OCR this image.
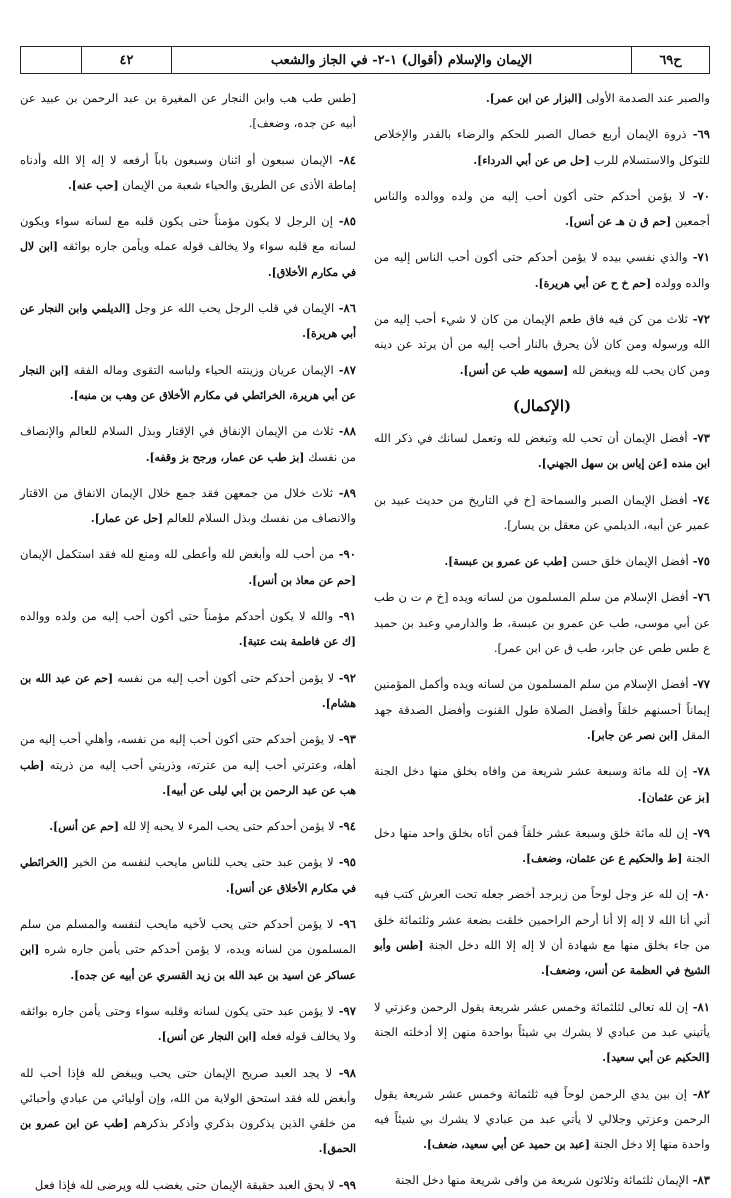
ح٦٩
الإيمان والإسلام (أقوال) ١-٢- في الجاز والشعب
٤٢

والصبر عند الصدمة الأولى [البزار عن ابن عمر].

٦٩- ذروة الإيمان أربع خصال الصبر للحكم والرضاء بالقدر والإخلاص للتوكل والاستسلام للرب [حل ص عن أبي الدرداء].

٧٠- لا يؤمن أحدكم حتى أكون أحب إليه من ولده ووالده والناس أجمعين [حم ق ن هـ عن أنس].

٧١- والذي نفسي بيده لا يؤمن أحدكم حتى أكون أحب الناس إليه من والده وولده [حم خ ح عن أبي هريرة].

٧٢- ثلاث من كن فيه فاق طعم الإيمان من كان لا شيء أحب إليه من الله ورسوله ومن كان لأن يحرق بالنار أحب إليه من أن يرتد عن دينه ومن كان يحب لله ويبغض لله [سمويه طب عن أنس].

(الإكمال)

٧٣- أفضل الإيمان أن تحب لله وتبغض لله وتعمل لسانك في ذكر الله ابن منده [عن إياس بن سهل الجهني].

٧٤- أفضل الإيمان الصبر والسماحة [خ في التاريخ من حديث عبيد بن عمير عن أبيه، الديلمي عن معقل بن يسار].

٧٥- أفضل الإيمان خلق حسن [طب عن عمرو بن عبسة].

٧٦- أفضل الإسلام من سلم المسلمون من لسانه ويده [خ م ت ن طب عن أبي موسى، طب عن عمرو بن عبسة، ط والدارمي وعبد بن حميد ع طس طص عن جابر، طب ق عن ابن عمر].

٧٧- أفضل الإسلام من سلم المسلمون من لسانه ويده وأكمل المؤمنين إيماناً أحسنهم خلقاً وأفضل الصلاة طول القنوت وأفضل الصدقة جهد المقل [ابن نصر عن جابر].

٧٨- إن لله مائة وسبعة عشر شريعة من وافاه بخلق منها دخل الجنة [بز عن عثمان].

٧٩- إن لله مائة خلق وسبعة عشر خلقاً فمن أتاه بخلق واحد منها دخل الجنة [ط والحكيم ع عن عثمان، وضعف].

٨٠- إن لله عز وجل لوحاً من زبرجد أخضر جعله تحت العرش كتب فيه أني أنا الله لا إله إلا أنا أرحم الراحمين خلقت بضعة عشر وثلثمائة خلق من جاء بخلق منها مع شهادة أن لا إله إلا الله دخل الجنة [طس وأبو الشيخ في العظمة عن أنس، وضعف].

٨١- إن لله تعالى لثلثمائة وخمس عشر شريعة يقول الرحمن وعزتي لا يأتيني عبد من عبادي لا يشرك بي شيئاً بواحدة منهن إلا أدخلته الجنة [الحكيم عن أبي سعيد].

٨٢- إن بين يدي الرحمن لوحاً فيه ثلثمائة وخمس عشر شريعة يقول الرحمن وعزتي وجلالي لا يأتي عبد من عبادي لا يشرك بي شيئاً فيه واحدة منها إلا دخل الجنة [عبد بن حميد عن أبي سعيد، ضعف].

٨٣- الإيمان ثلثمائة وثلاثون شريعة من وافى شريعة منها دخل الجنة

[طس طب هب وابن النجار عن المغيرة بن عبد الرحمن بن عبيد عن أبيه عن جده، وضعف].

٨٤- الإيمان سبعون أو اثنان وسبعون باباً أرفعه لا إله إلا الله وأدناه إماطة الأذى عن الطريق والحياء شعبة من الإيمان [حب عنه].

٨٥- إن الرجل لا يكون مؤمناً حتى يكون قلبه مع لسانه سواء ويكون لسانه مع قلبه سواء ولا يخالف قوله عمله ويأمن جاره بوائقه [ابن لال في مكارم الأخلاق].

٨٦- الإيمان في قلب الرجل يحب الله عز وجل [الديلمي وابن النجار عن أبي هريرة].

٨٧- الإيمان عريان وزينته الحياء ولباسه التقوى وماله الفقه [ابن النجار عن أبي هريرة، الخرائطي في مكارم الأخلاق عن وهب بن منبه].

٨٨- ثلاث من الإيمان الإنفاق في الإقتار وبذل السلام للعالم والإنصاف من نفسك [بز طب عن عمار، ورجح بز وقفه].

٨٩- ثلاث خلال من جمعهن فقد جمع خلال الإيمان الانفاق من الاقتار والانصاف من نفسك وبذل السلام للعالم [حل عن عمار].

٩٠- من أحب لله وأبغض لله وأعطى لله ومنع لله فقد استكمل الإيمان [حم عن معاذ بن أنس].

٩١- والله لا يكون أحدكم مؤمناً حتى أكون أحب إليه من ولده ووالده [ك عن فاطمة بنت عتبة].

٩٢- لا يؤمن أحدكم حتى أكون أحب إليه من نفسه [حم عن عبد الله بن هشام].

٩٣- لا يؤمن أحدكم حتى أكون أحب إليه من نفسه، وأهلي أحب إليه من أهله، وعترتي أحب إليه من عترته، وذريتي أحب إليه من ذريته [طب هب عن عبد الرحمن بن أبي ليلى عن أبيه].

٩٤- لا يؤمن أحدكم حتى يحب المرء لا يحبه إلا لله [حم عن أنس].

٩٥- لا يؤمن عبد حتى يحب للناس مايحب لنفسه من الخير [الخرائطي في مكارم الأخلاق عن أنس].

٩٦- لا يؤمن أحدكم حتى يحب لأخيه مايحب لنفسه والمسلم من سلم المسلمون من لسانه ويده، لا يؤمن أحدكم حتى يأمن جاره شره [ابن عساكر عن اسيد بن عبد الله بن زيد القسري عن أبيه عن جده].

٩٧- لا يؤمن عبد حتى يكون لسانه وقلبه سواء وحتى يأمن جاره بوائقه ولا يخالف قوله فعله [ابن النجار عن أنس].

٩٨- لا يجد العبد صريح الإيمان حتى يحب ويبغض لله فإذا أحب لله وأبغض لله فقد استحق الولاية من الله، وإن أوليائي من عبادي وأحبائي من خلقي الذين يذكرون بذكري وأذكر بذكرهم [طب عن ابن عمرو بن الحمق].

٩٩- لا يحق العبد حقيقة الإيمان حتى يغضب لله ويرضى لله فإذا فعل
